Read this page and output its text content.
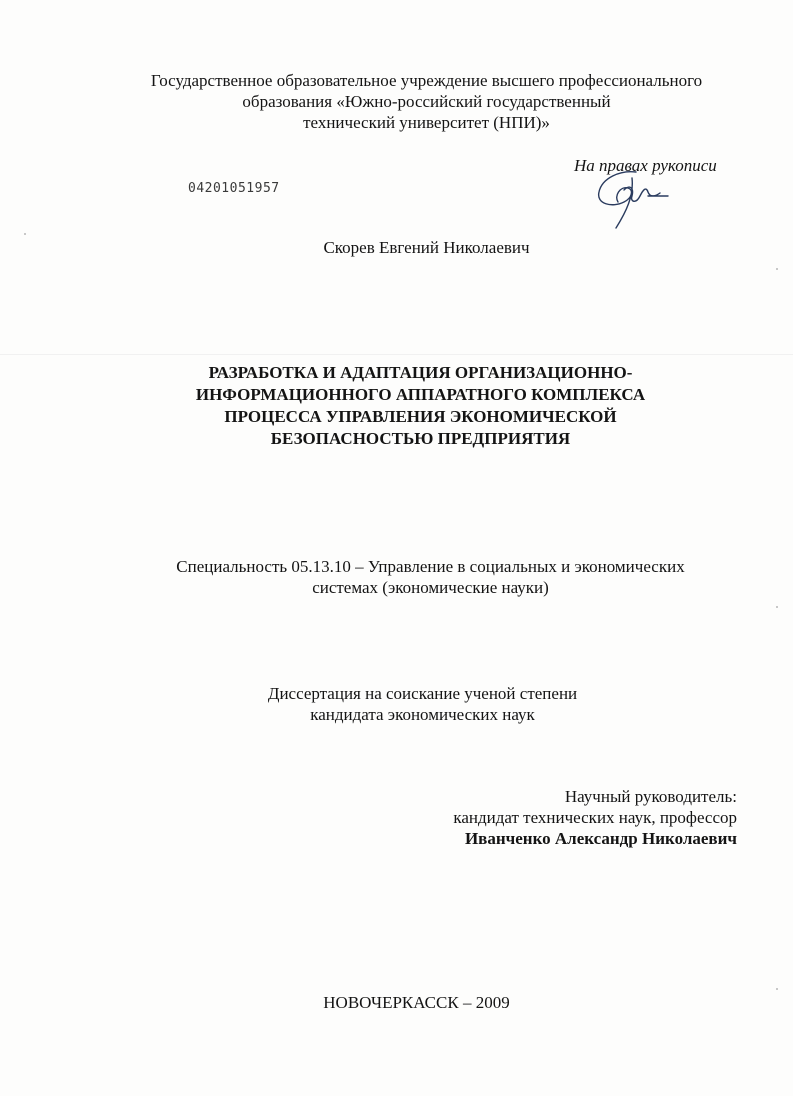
Государственное образовательное учреждение высшего профессионального
образования «Южно-российский государственный
технический университет (НПИ)»
На правах рукописи
04201051957
Скорев Евгений Николаевич
РАЗРАБОТКА И АДАПТАЦИЯ ОРГАНИЗАЦИОННО-
ИНФОРМАЦИОННОГО АППАРАТНОГО КОМПЛЕКСА
ПРОЦЕССА УПРАВЛЕНИЯ ЭКОНОМИЧЕСКОЙ
БЕЗОПАСНОСТЬЮ ПРЕДПРИЯТИЯ
Специальность 05.13.10 – Управление в социальных и экономических
системах (экономические науки)
Диссертация на соискание ученой степени
кандидата экономических наук
Научный руководитель:
кандидат технических наук, профессор
Иванченко Александр Николаевич
НОВОЧЕРКАССК – 2009
